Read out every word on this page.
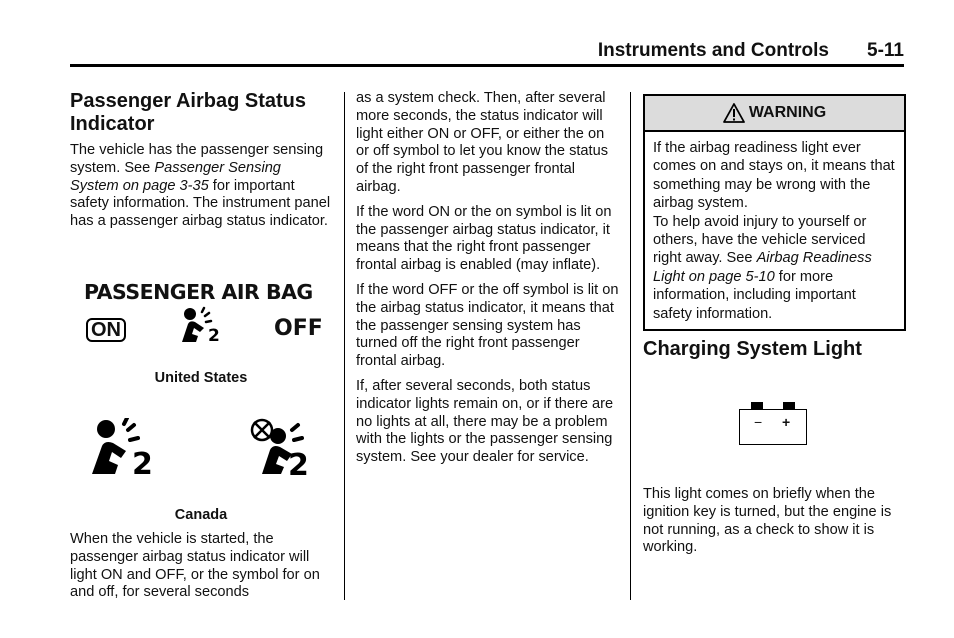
Instruments and Controls 5-11
Passenger Airbag Status Indicator

The vehicle has the passenger sensing system. See Passenger Sensing System on page 3-35 for important safety information. The instrument panel has a passenger airbag status indicator.

PASSENGER AIR BAG
ON	2 OFF
United States
2	2
Canada

When the vehicle is started, the passenger airbag status indicator will light ON and OFF, or the symbol for on and off, for several seconds

as a system check. Then, after several more seconds, the status indicator will light either ON or OFF, or either the on or off symbol to let you know the status of the right front passenger frontal airbag.

If the word ON or the on symbol is lit on the passenger airbag status indicator, it means that the right front passenger frontal airbag is enabled (may inflate).

If the word OFF or the off symbol is lit on the airbag status indicator, it means that the passenger sensing system has turned off the right front passenger frontal airbag.

If, after several seconds, both status indicator lights remain on, or if there are no lights at all, there may be a problem with the lights or the passenger sensing system. See your dealer for service.

WARNING

If the airbag readiness light ever comes on and stays on, it means that something may be wrong with the airbag system.

To help avoid injury to yourself or others, have the vehicle serviced right away. See Airbag Readiness Light on page 5-10 for more information, including important safety information.

Charging System Light
− +

This light comes on briefly when the ignition key is turned, but the engine is not running, as a check to show it is working.
